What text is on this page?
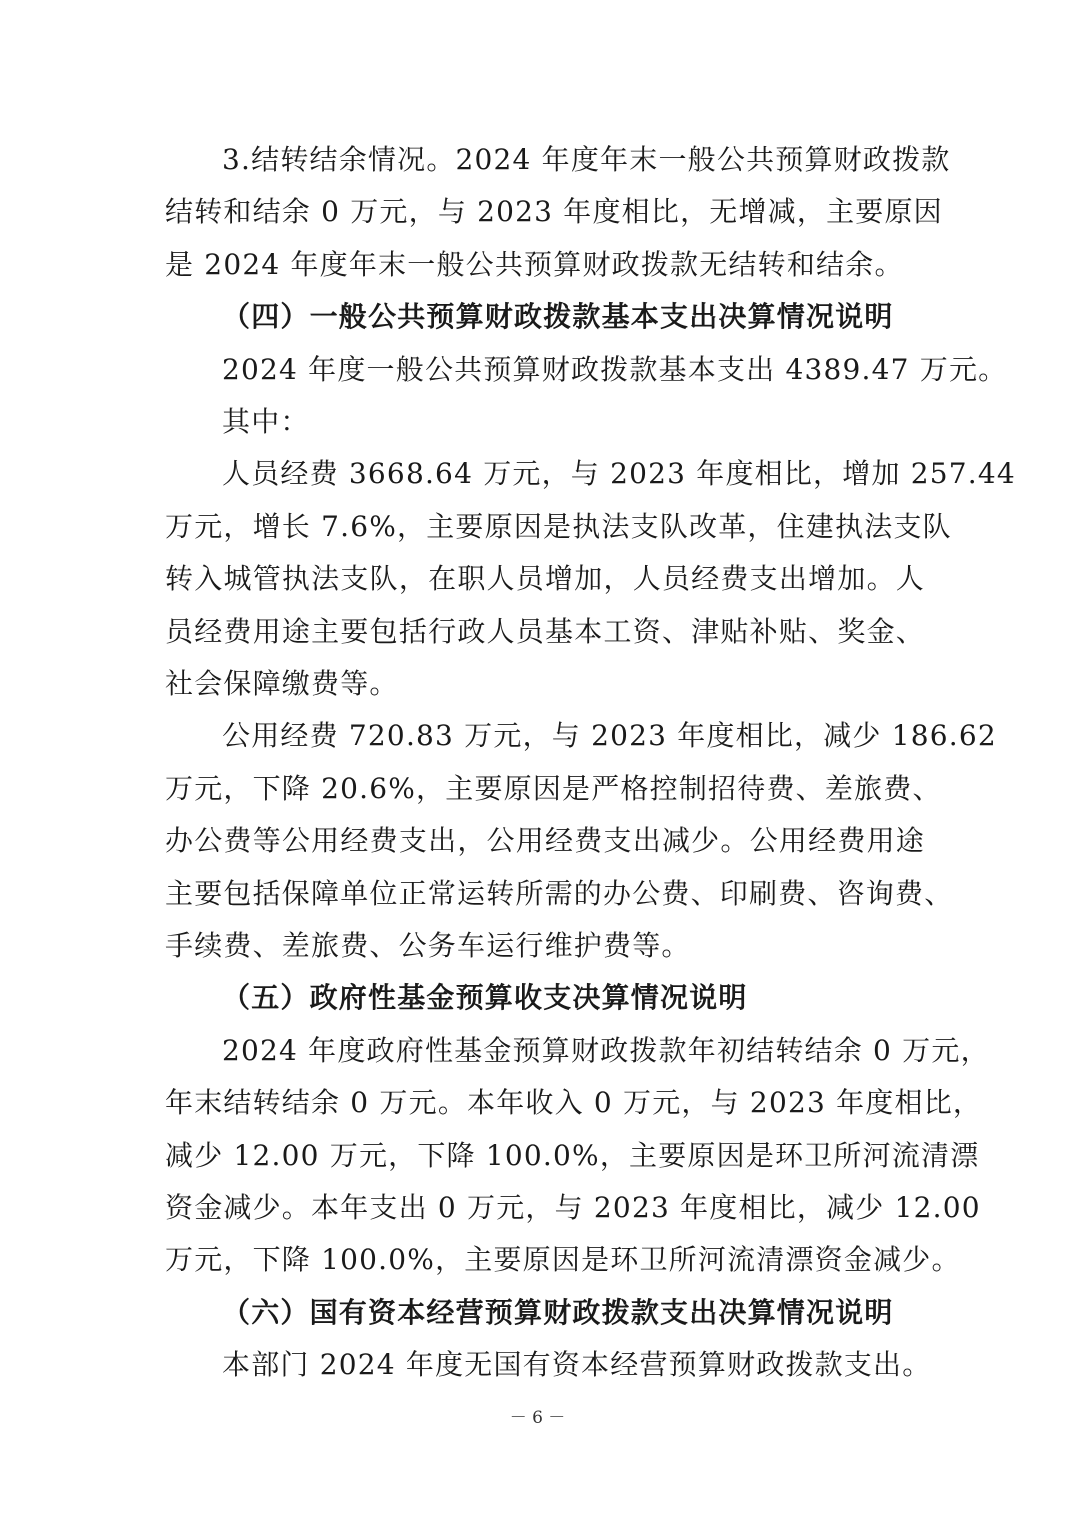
3.结转结余情况。2024 年度年末一般公共预算财政拨款
结转和结余 0 万元，与 2023 年度相比，无增减，主要原因
是 2024 年度年末一般公共预算财政拨款无结转和结余。
（四）一般公共预算财政拨款基本支出决算情况说明
2024 年度一般公共预算财政拨款基本支出 4389.47 万元。
其中：
人员经费 3668.64 万元，与 2023 年度相比，增加 257.44
万元，增长 7.6%，主要原因是执法支队改革，住建执法支队
转入城管执法支队，在职人员增加，人员经费支出增加。人
员经费用途主要包括行政人员基本工资、津贴补贴、奖金、
社会保障缴费等。
公用经费 720.83 万元，与 2023 年度相比，减少 186.62
万元，下降 20.6%，主要原因是严格控制招待费、差旅费、
办公费等公用经费支出，公用经费支出减少。公用经费用途
主要包括保障单位正常运转所需的办公费、印刷费、咨询费、
手续费、差旅费、公务车运行维护费等。
（五）政府性基金预算收支决算情况说明
2024 年度政府性基金预算财政拨款年初结转结余 0 万元，
年末结转结余 0 万元。本年收入 0 万元，与 2023 年度相比，
减少 12.00 万元，下降 100.0%，主要原因是环卫所河流清漂
资金减少。本年支出 0 万元，与 2023 年度相比，减少 12.00
万元，下降 100.0%，主要原因是环卫所河流清漂资金减少。
（六）国有资本经营预算财政拨款支出决算情况说明
本部门 2024 年度无国有资本经营预算财政拨款支出。
－ 6 －
